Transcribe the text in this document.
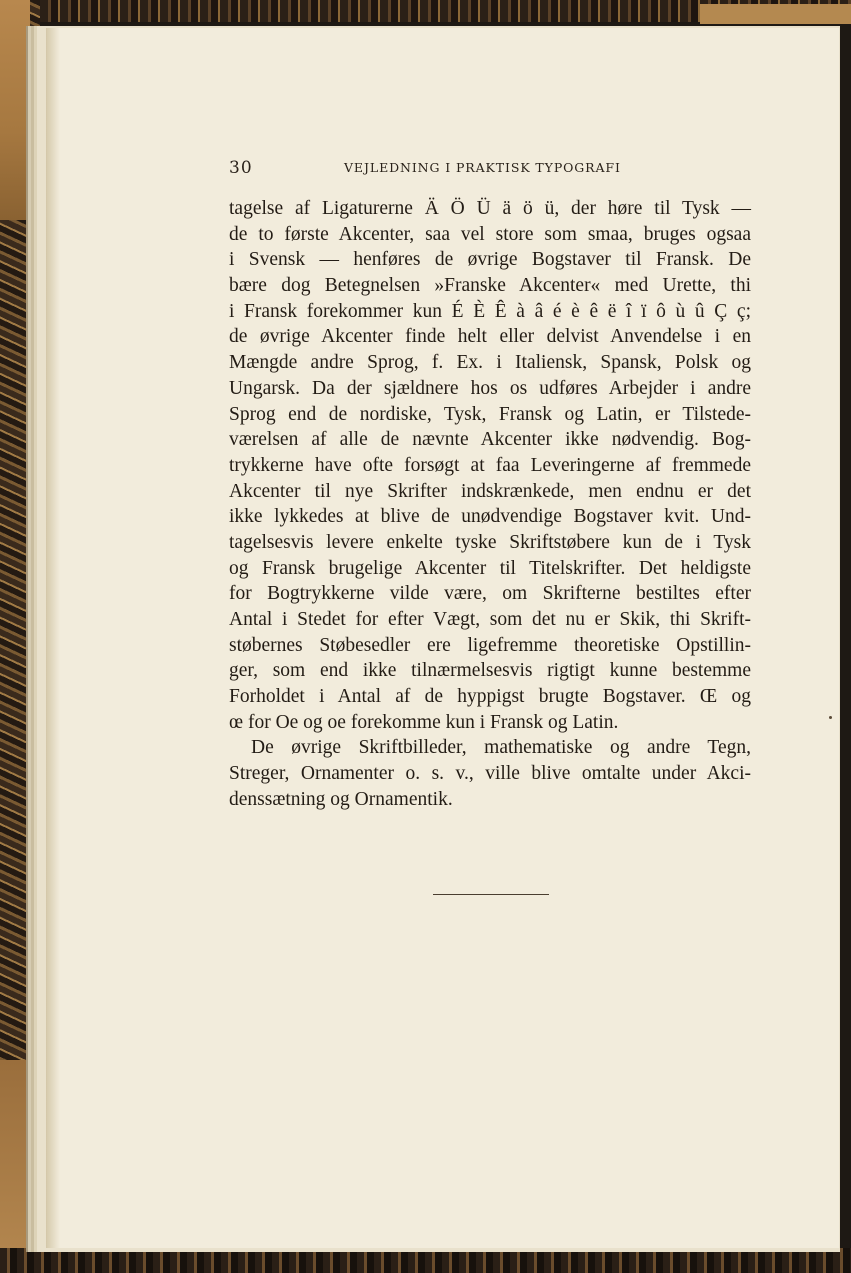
30	VEJLEDNING I PRAKTISK TYPOGRAFI
tagelse af Ligaturerne Ä Ö Ü ä ö ü, der høre til Tysk —
de to første Akcenter, saa vel store som smaa, bruges ogsaa
i Svensk — henføres de øvrige Bogstaver til Fransk. De
bære dog Betegnelsen »Franske Akcenter« med Urette, thi
i Fransk forekommer kun É È Ê à â é è ê ë î ï ô ù û Ç ç;
de øvrige Akcenter finde helt eller delvist Anvendelse i en
Mængde andre Sprog, f. Ex. i Italiensk, Spansk, Polsk og
Ungarsk. Da der sjældnere hos os udføres Arbejder i andre
Sprog end de nordiske, Tysk, Fransk og Latin, er Tilstede-
værelsen af alle de nævnte Akcenter ikke nødvendig. Bog-
trykkerne have ofte forsøgt at faa Leveringerne af fremmede
Akcenter til nye Skrifter indskrænkede, men endnu er det
ikke lykkedes at blive de unødvendige Bogstaver kvit. Und-
tagelsesvis levere enkelte tyske Skriftstøbere kun de i Tysk
og Fransk brugelige Akcenter til Titelskrifter. Det heldigste
for Bogtrykkerne vilde være, om Skrifterne bestiltes efter
Antal i Stedet for efter Vægt, som det nu er Skik, thi Skrift-
støbernes Støbesedler ere ligefremme theoretiske Opstillin-
ger, som end ikke tilnærmelsesvis rigtigt kunne bestemme
Forholdet i Antal af de hyppigst brugte Bogstaver. Œ og
œ for Oe og oe forekomme kun i Fransk og Latin.
De øvrige Skriftbilleder, mathematiske og andre Tegn,
Streger, Ornamenter o. s. v., ville blive omtalte under Akci-
denssætning og Ornamentik.
